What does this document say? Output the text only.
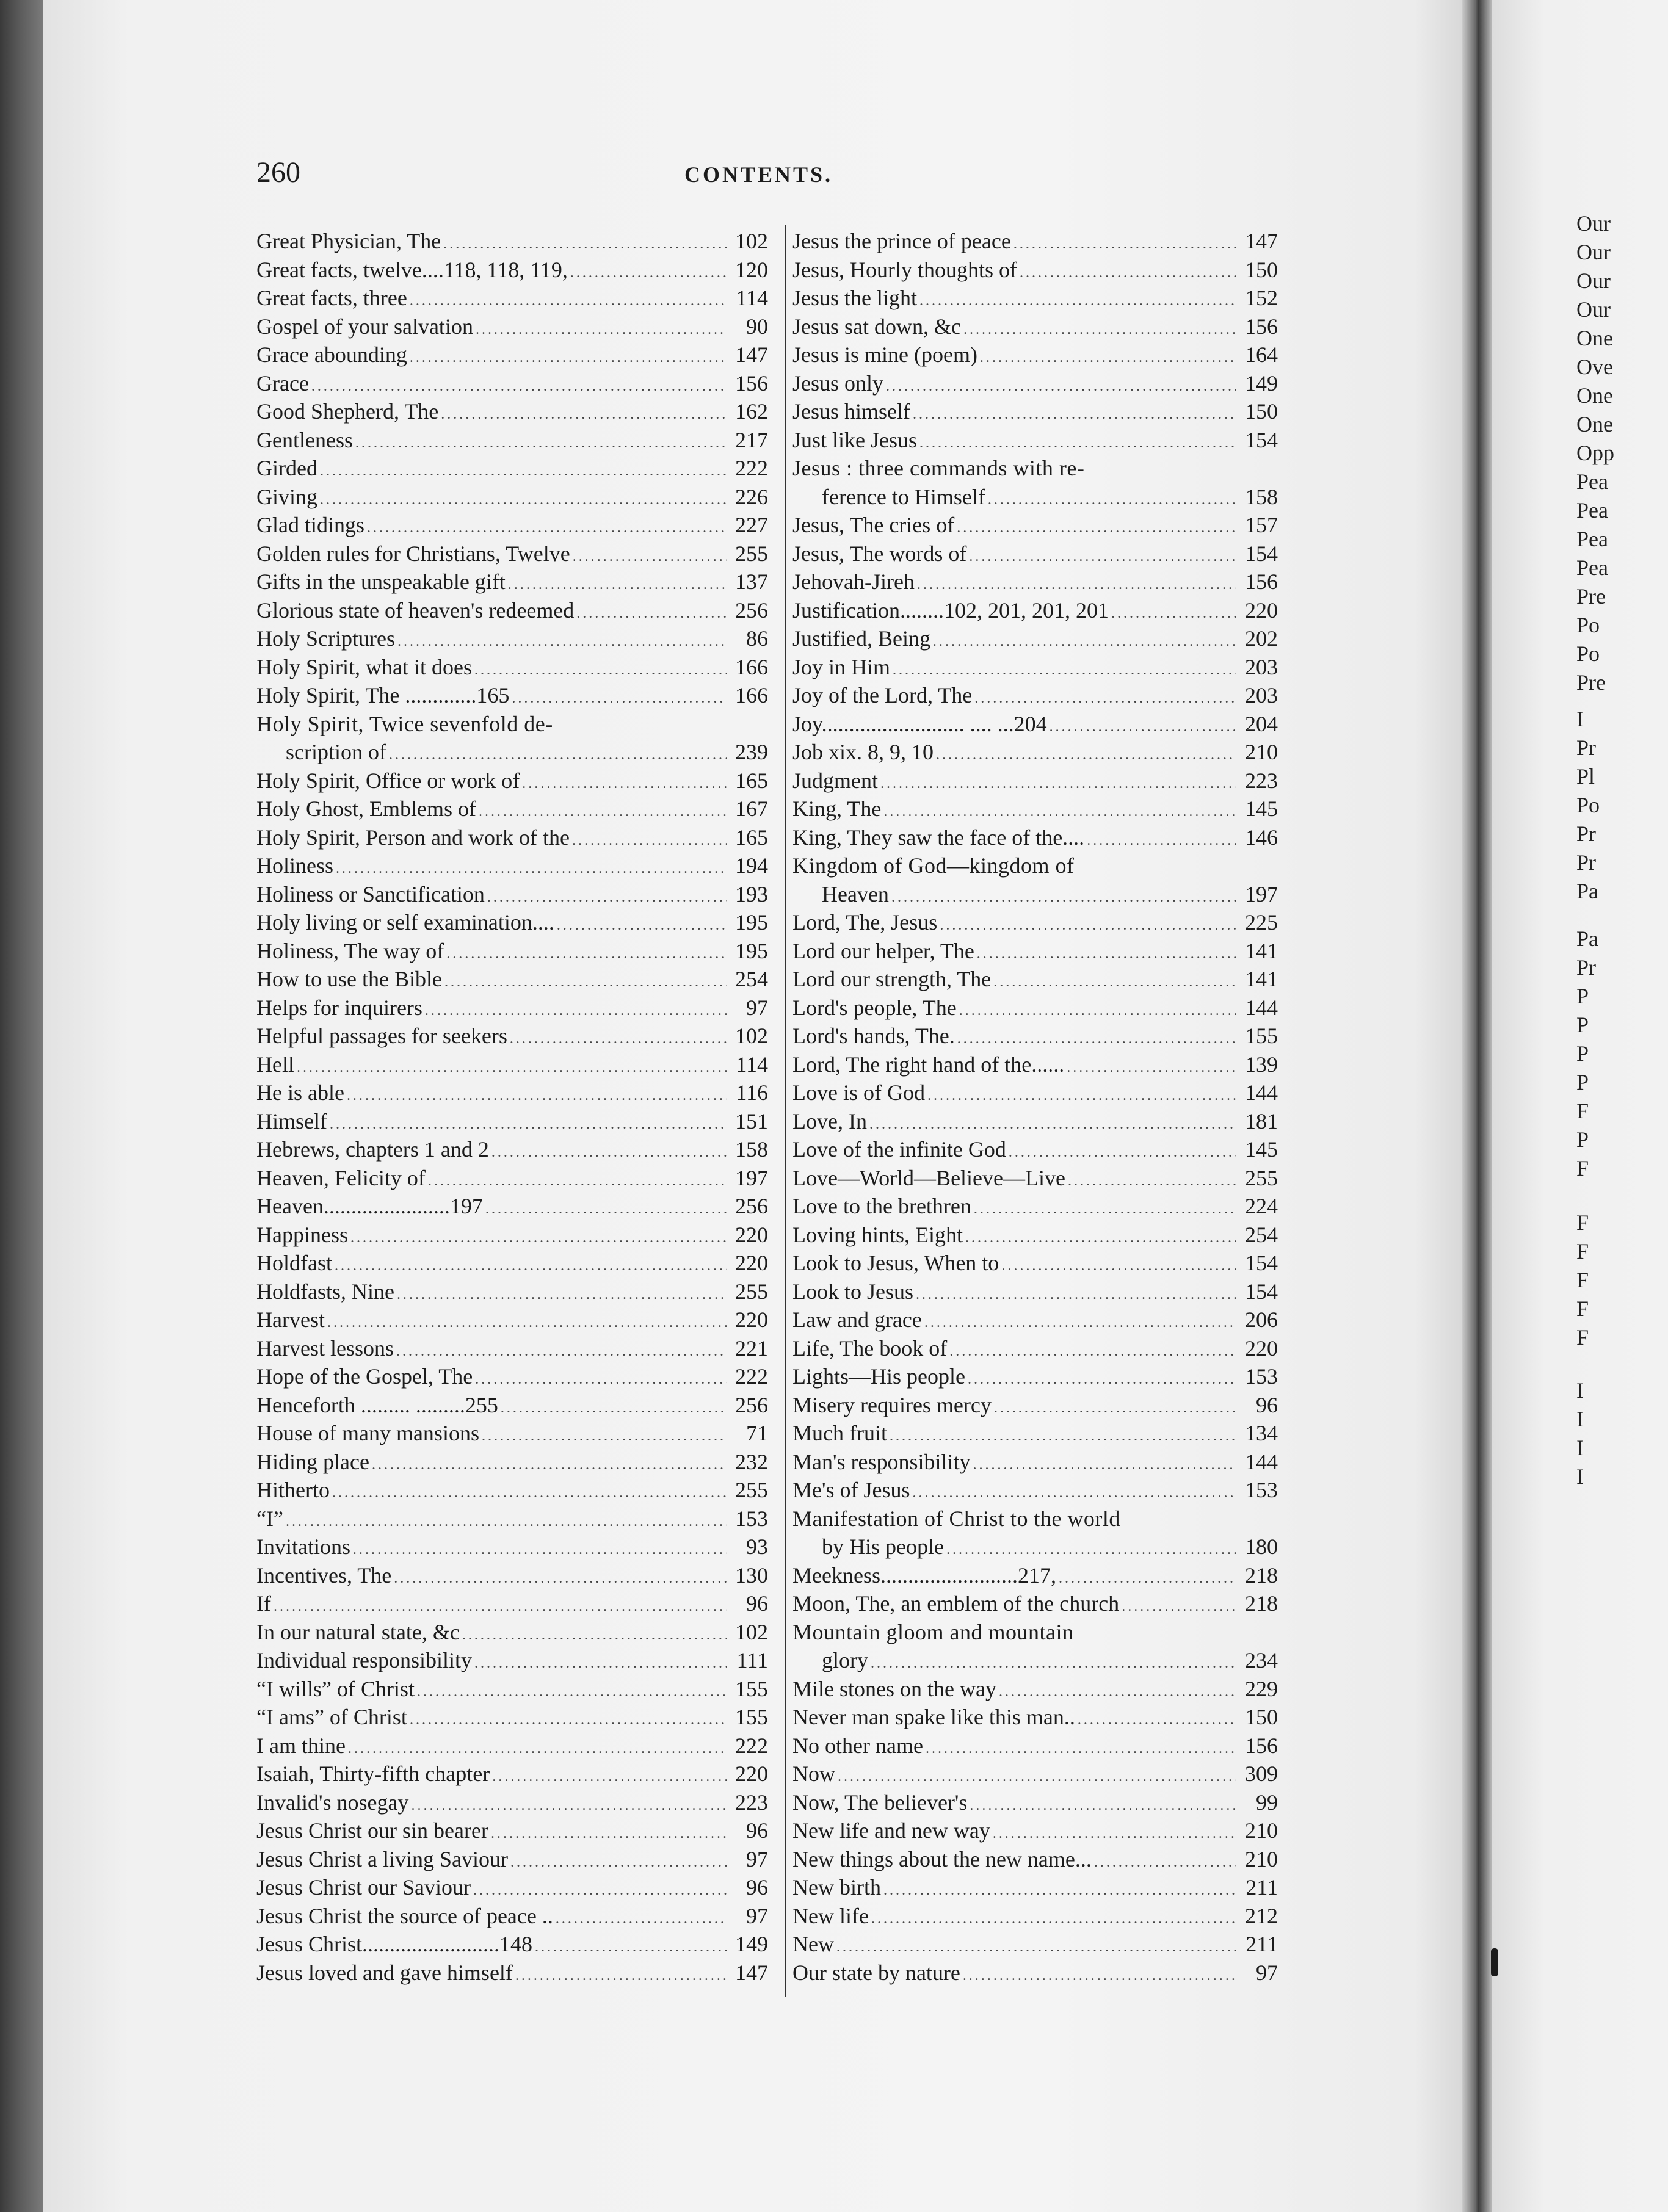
Our
Our
Our
Our
One
Ove
One
One
Opp
Pea
Pea
Pea
Pea
Pre
Po
Po
Pre
I
Pr
Pl
Po
Pr
Pr
Pa
Pa
Pr
P
P
P
P
F
P
F
F
F
F
F
F
I
I
I
I
260	CONTENTS.
Great Physician, The .....	102
Great facts, twelve....118, 118, 119, .....	120
Great facts, three .....	114
Gospel of your salvation .....	90
Grace abounding .....	147
Grace .....	156
Good Shepherd, The .....	162
Gentleness .....	217
Girded .....	222
Giving .....	226
Glad tidings .....	227
Golden rules for Christians, Twelve .....	255
Gifts in the unspeakable gift .....	137
Glorious state of heaven's redeemed .....	256
Holy Scriptures .....	86
Holy Spirit, what it does .....	166
Holy Spirit, The .............165 .....	166
Holy Spirit, Twice sevenfold de-
scription of .....	239
Holy Spirit, Office or work of .....	165
Holy Ghost, Emblems of .....	167
Holy Spirit, Person and work of the .....	165
Holiness .....	194
Holiness or Sanctification .....	193
Holy living or self examination.... .....	195
Holiness, The way of .....	195
How to use the Bible .....	254
Helps for inquirers .....	97
Helpful passages for seekers .....	102
Hell .....	114
He is able .....	116
Himself .....	151
Hebrews, chapters 1 and 2 .....	158
Heaven, Felicity of .....	197
Heaven.......................197 .....	256
Happiness .....	220
Holdfast .....	220
Holdfasts, Nine .....	255
Harvest .....	220
Harvest lessons .....	221
Hope of the Gospel, The .....	222
Henceforth ......... .........255 .....	256
House of many mansions .....	71
Hiding place .....	232
Hitherto .....	255
“I” .....	153
Invitations .....	93
Incentives, The .....	130
If .....	96
In our natural state, &c .....	102
Individual responsibility .....	111
“I wills” of Christ .....	155
“I ams” of Christ .....	155
I am thine .....	222
Isaiah, Thirty-fifth chapter .....	220
Invalid's nosegay .....	223
Jesus Christ our sin bearer .....	96
Jesus Christ a living Saviour .....	97
Jesus Christ our Saviour .....	96
Jesus Christ the source of peace .. .....	97
Jesus Christ.........................148 .....	149
Jesus loved and gave himself .....	147
Jesus the prince of peace .....	147
Jesus, Hourly thoughts of .....	150
Jesus the light .....	152
Jesus sat down, &c .....	156
Jesus is mine (poem) .....	164
Jesus only .....	149
Jesus himself .....	150
Just like Jesus .....	154
Jesus : three commands with re-
ference to Himself .....	158
Jesus, The cries of .....	157
Jesus, The words of .....	154
Jehovah-Jireh .....	156
Justification........102, 201, 201, 201 .....	220
Justified, Being .....	202
Joy in Him .....	203
Joy of the Lord, The .....	203
Joy.......................... .... ...204 .....	204
Job xix. 8, 9, 10 .....	210
Judgment .....	223
King, The .....	145
King, They saw the face of the.... .....	146
Kingdom of God—kingdom of
Heaven .....	197
Lord, The, Jesus .....	225
Lord our helper, The .....	141
Lord our strength, The .....	141
Lord's people, The .....	144
Lord's hands, The. .....	155
Lord, The right hand of the...... .....	139
Love is of God .....	144
Love, In .....	181
Love of the infinite God .....	145
Love—World—Believe—Live .....	255
Love to the brethren .....	224
Loving hints, Eight .....	254
Look to Jesus, When to .....	154
Look to Jesus .....	154
Law and grace .....	206
Life, The book of .....	220
Lights—His people .....	153
Misery requires mercy .....	96
Much fruit .....	134
Man's responsibility .....	144
Me's of Jesus .....	153
Manifestation of Christ to the world
by His people .....	180
Meekness.........................217, .....	218
Moon, The, an emblem of the church .....	218
Mountain gloom and mountain
glory .....	234
Mile stones on the way .....	229
Never man spake like this man.. .....	150
No other name .....	156
Now .....	309
Now, The believer's .....	99
New life and new way .....	210
New things about the new name... .....	210
New birth .....	211
New life .....	212
New .....	211
Our state by nature .....	97
